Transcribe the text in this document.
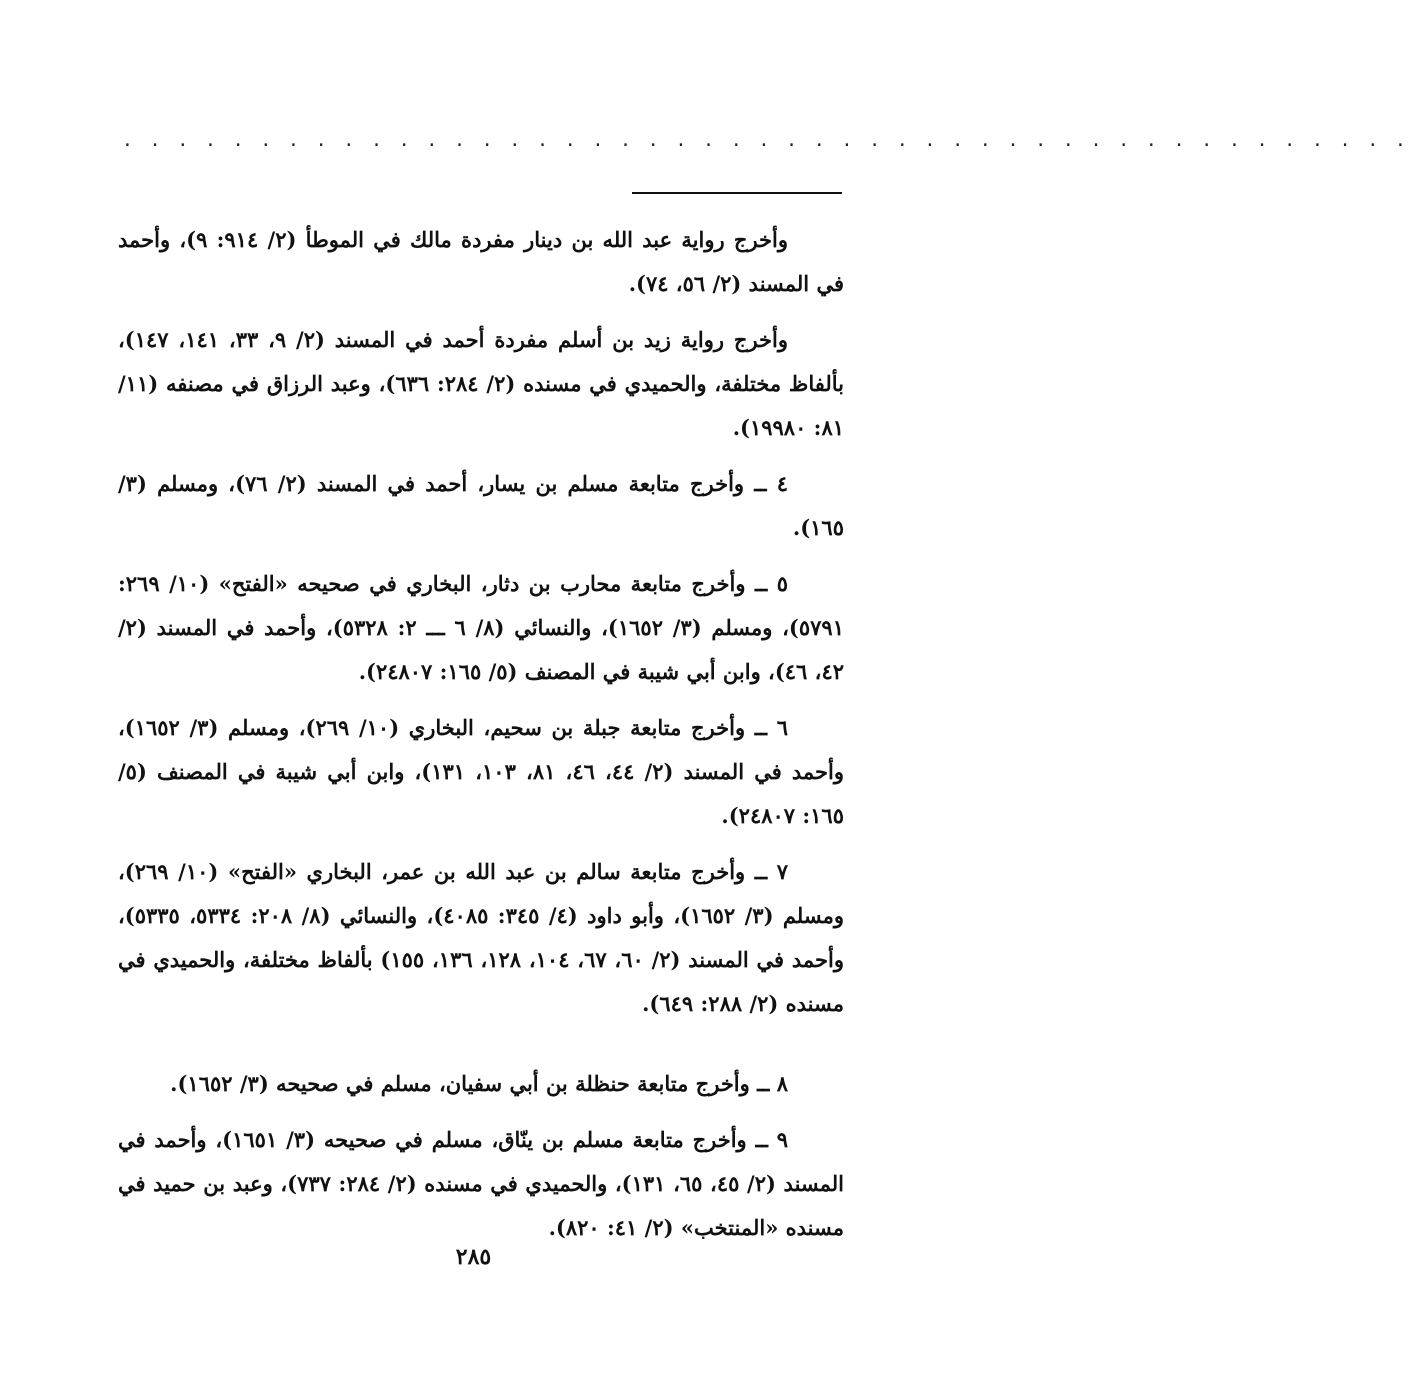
. . . . . . . . . . . . . . . . . . . . . . . . . . . . . . . . . . . . . . . . . . . . . . .

وأخرج رواية عبد الله بن دينار مفردة مالك في الموطأ (٢/ ٩١٤: ٩)، وأحمد في المسند (٢/ ٥٦، ٧٤).

وأخرج رواية زيد بن أسلم مفردة أحمد في المسند (٢/ ٩، ٣٣، ١٤١، ١٤٧)، بألفاظ مختلفة، والحميدي في مسنده (٢/ ٢٨٤: ٦٣٦)، وعبد الرزاق في مصنفه (١١/ ٨١: ١٩٩٨٠).

٤ ــ وأخرج متابعة مسلم بن يسار، أحمد في المسند (٢/ ٧٦)، ومسلم (٣/ ١٦٥).

٥ ــ وأخرج متابعة محارب بن دثار، البخاري في صحيحه «الفتح» (١٠/ ٢٦٩: ٥٧٩١)، ومسلم (٣/ ١٦٥٢)، والنسائي (٨/ ٦ ـــ ٢: ٥٣٢٨)، وأحمد في المسند (٢/ ٤٢، ٤٦)، وابن أبي شيبة في المصنف (٥/ ١٦٥: ٢٤٨٠٧).

٦ ــ وأخرج متابعة جبلة بن سحيم، البخاري (١٠/ ٢٦٩)، ومسلم (٣/ ١٦٥٢)، وأحمد في المسند (٢/ ٤٤، ٤٦، ٨١، ١٠٣، ١٣١)، وابن أبي شيبة في المصنف (٥/ ١٦٥: ٢٤٨٠٧).

٧ ــ وأخرج متابعة سالم بن عبد الله بن عمر، البخاري «الفتح» (١٠/ ٢٦٩)، ومسلم (٣/ ١٦٥٢)، وأبو داود (٤/ ٣٤٥: ٤٠٨٥)، والنسائي (٨/ ٢٠٨: ٥٣٣٤، ٥٣٣٥)، وأحمد في المسند (٢/ ٦٠، ٦٧، ١٠٤، ١٢٨، ١٣٦، ١٥٥) بألفاظ مختلفة، والحميدي في مسنده (٢/ ٢٨٨: ٦٤٩).

٨ ــ وأخرج متابعة حنظلة بن أبي سفيان، مسلم في صحيحه (٣/ ١٦٥٢).

٩ ــ وأخرج متابعة مسلم بن ينّاق، مسلم في صحيحه (٣/ ١٦٥١)، وأحمد في المسند (٢/ ٤٥، ٦٥، ١٣١)، والحميدي في مسنده (٢/ ٢٨٤: ٧٣٧)، وعبد بن حميد في مسنده «المنتخب» (٢/ ٤١: ٨٢٠).

٢٨٥
